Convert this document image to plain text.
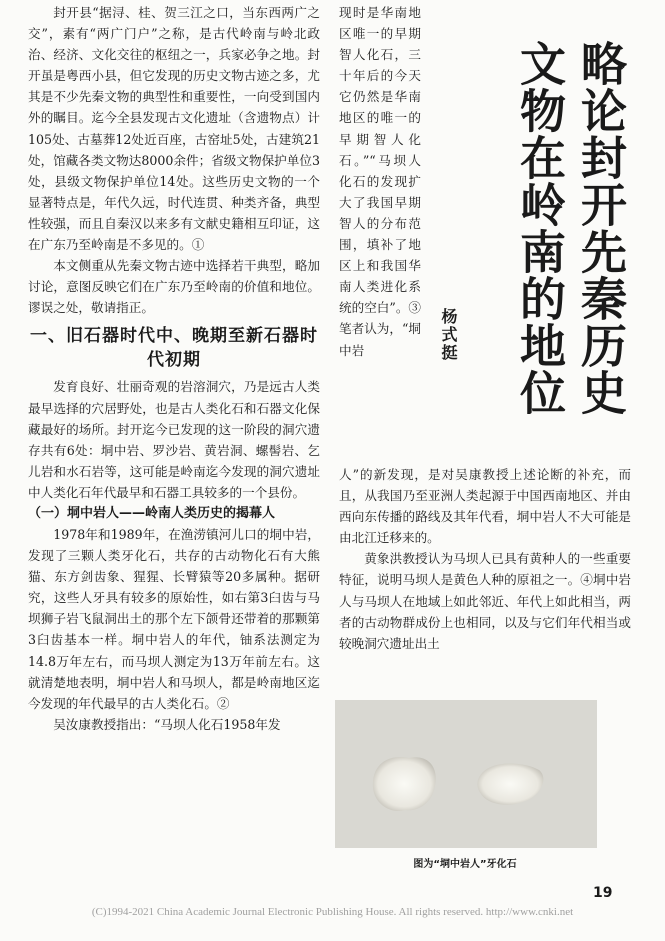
封开县“据浔、桂、贺三江之口，当东西两广之交”，素有“两广门户”之称，是古代岭南与岭北政治、经济、文化交往的枢纽之一，兵家必争之地。封开虽是粤西小县，但它发现的历史文物古迹之多，尤其是不少先秦文物的典型性和重要性，一向受到国内外的瞩目。迄今全县发现古文化遗址（含遗物点）计105处、古墓葬12处近百座，古窑址5处，古建筑21处，馆藏各类文物达8000余件；省级文物保护单位3处，县级文物保护单位14处。这些历史文物的一个显著特点是，年代久远，时代连贯、种类齐备，典型性较强，而且自秦汉以来多有文献史籍相互印证，这在广东乃至岭南是不多见的。①

本文侧重从先秦文物古迹中选择若干典型，略加讨论，意图反映它们在广东乃至岭南的价值和地位。谬误之处，敬请指正。

一、旧石器时代中、晚期至新石器时代初期

发育良好、壮丽奇观的岩溶洞穴，乃是远古人类最早选择的穴居野处，也是古人类化石和石器文化保藏最好的场所。封开迄今已发现的这一阶段的洞穴遗存共有6处：垌中岩、罗沙岩、黄岩洞、螺髻岩、乞儿岩和水石岩等，这可能是岭南迄今发现的洞穴遗址中人类化石年代最早和石器工具较多的一个县份。

（一）垌中岩人——岭南人类历史的揭幕人

1978年和1989年，在渔涝镇河儿口的垌中岩，发现了三颗人类牙化石，共存的古动物化石有大熊猫、东方剑齿象、猩猩、长臂猿等20多属种。据研究，这些人牙具有较多的原始性，如右第3臼齿与马坝狮子岩飞鼠洞出土的那个左下颌骨还带着的那颗第3臼齿基本一样。垌中岩人的年代，铀系法测定为14.8万年左右，而马坝人测定为13万年前左右。这就清楚地表明，垌中岩人和马坝人，都是岭南地区迄今发现的年代最早的古人类化石。②

吴汝康教授指出：“马坝人化石1958年发

现时是华南地区唯一的早期智人化石，三十年后的今天它仍然是华南地区的唯一的早期智人化石。”“马坝人化石的发现扩大了我国早期智人的分布范围，填补了地区上和我国华南人类进化系统的空白”。③笔者认为，“垌中岩	略论封开先秦历史
文物在岭南的地位
杨式挺

人”的新发现，是对吴康教授上述论断的补充，而且，从我国乃至亚洲人类起源于中国西南地区、并由西向东传播的路线及其年代看，垌中岩人不大可能是由北江迁移来的。

黄象洪教授认为马坝人已具有黄种人的一些重要特征，说明马坝人是黄色人种的原祖之一。④垌中岩人与马坝人在地域上如此邻近、年代上如此相当，两者的古动物群成份上也相同，以及与它们年代相当或较晚洞穴遗址出土

图为“垌中岩人”牙化石
19
(C)1994-2021 China Academic Journal Electronic Publishing House. All rights reserved. http://www.cnki.net
